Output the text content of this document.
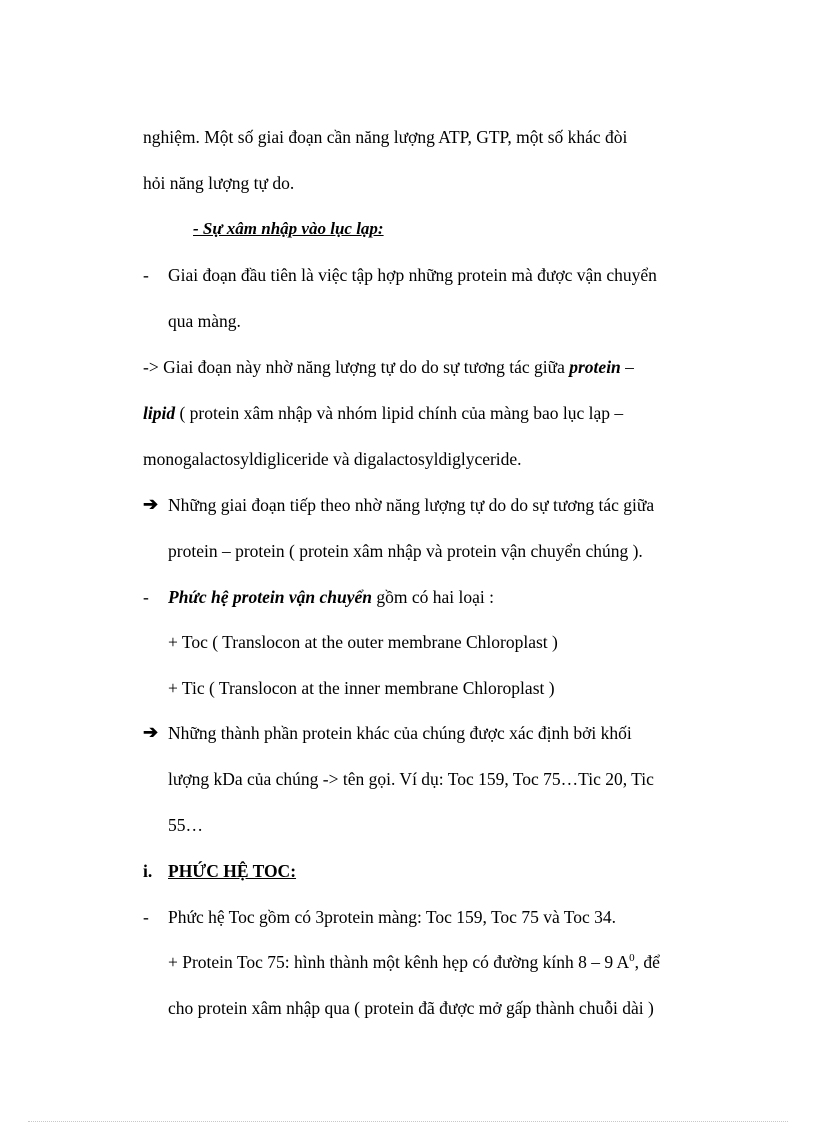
nghiệm. Một số giai đoạn cần năng lượng ATP, GTP, một số khác đòi
hỏi năng lượng tự do.
- Sự xâm nhập vào lục lạp:
- Giai đoạn đầu tiên là việc tập hợp những protein mà được vận chuyển
qua màng.
-> Giai đoạn này nhờ năng lượng tự do do sự tương tác giữa protein –
lipid ( protein xâm nhập và nhóm lipid chính của màng bao lục lạp –
monogalactosyldigliceride và digalactosyldiglyceride.
➔ Những giai đoạn tiếp theo nhờ năng lượng tự do do sự tương tác giữa
protein – protein ( protein xâm nhập và protein vận chuyển chúng ).
- Phức hệ protein vận chuyển gồm có hai loại :
+ Toc ( Translocon at the outer membrane Chloroplast )
+ Tic ( Translocon at the inner membrane Chloroplast )
➔ Những thành phần protein khác của chúng được xác định bởi khối
lượng kDa của chúng -> tên gọi. Ví dụ: Toc 159, Toc 75…Tic 20, Tic
55…
i. PHỨC HỆ TOC:
- Phức hệ Toc gồm có 3protein màng: Toc 159, Toc 75 và Toc 34.
+ Protein Toc 75: hình thành một kênh hẹp có đường kính 8 – 9 $A^0$, để
cho protein xâm nhập qua ( protein đã được mở gấp thành chuỗi dài )
